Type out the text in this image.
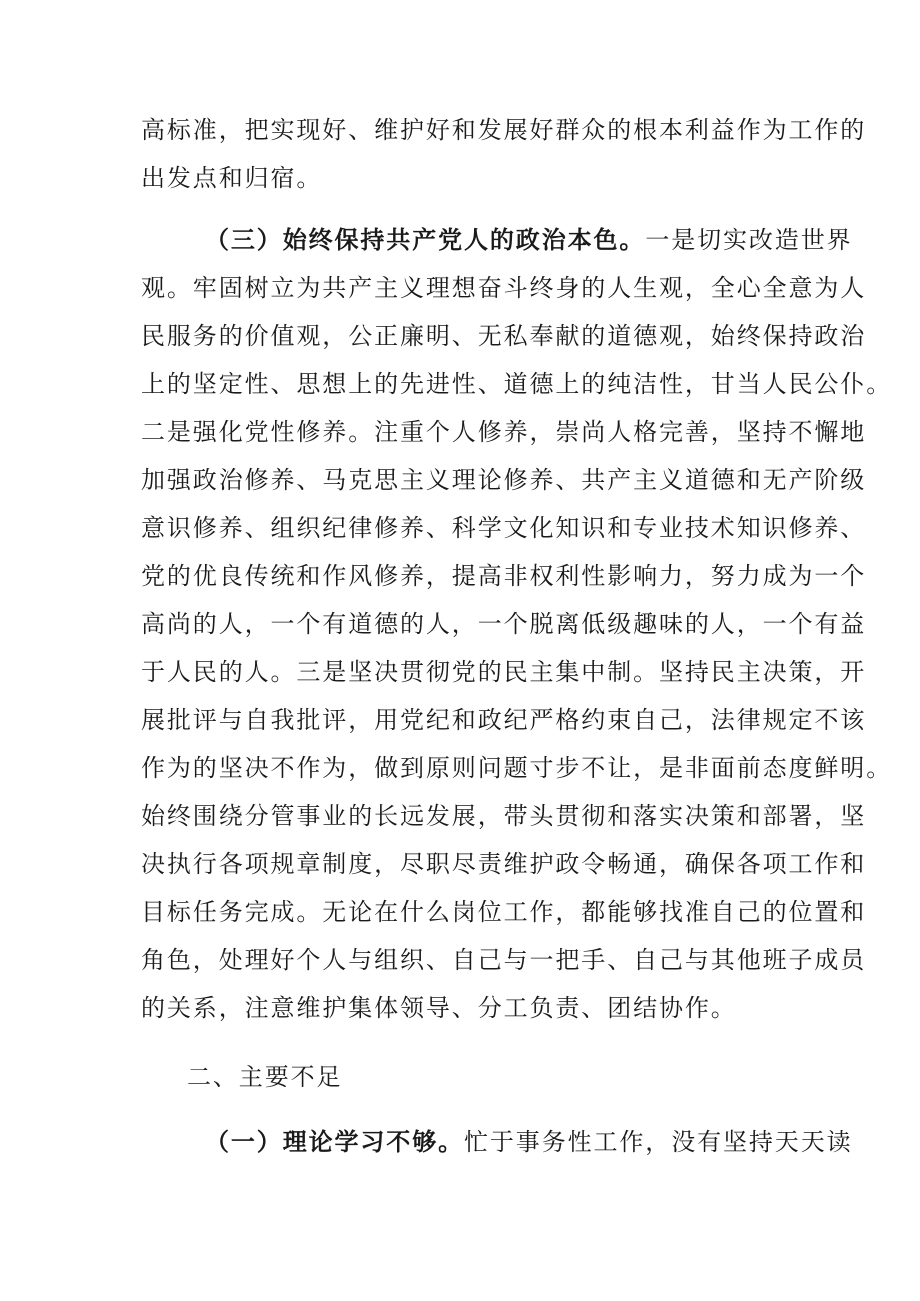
高标准，把实现好、维护好和发展好群众的根本利益作为工作的
出发点和归宿。
（三）始终保持共产党人的政治本色。一是切实改造世界
观。牢固树立为共产主义理想奋斗终身的人生观，全心全意为人
民服务的价值观，公正廉明、无私奉献的道德观，始终保持政治
上的坚定性、思想上的先进性、道德上的纯洁性，甘当人民公仆。
二是强化党性修养。注重个人修养，崇尚人格完善，坚持不懈地
加强政治修养、马克思主义理论修养、共产主义道德和无产阶级
意识修养、组织纪律修养、科学文化知识和专业技术知识修养、
党的优良传统和作风修养，提高非权利性影响力，努力成为一个
高尚的人，一个有道德的人，一个脱离低级趣味的人，一个有益
于人民的人。三是坚决贯彻党的民主集中制。坚持民主决策，开
展批评与自我批评，用党纪和政纪严格约束自己，法律规定不该
作为的坚决不作为，做到原则问题寸步不让，是非面前态度鲜明。
始终围绕分管事业的长远发展，带头贯彻和落实决策和部署，坚
决执行各项规章制度，尽职尽责维护政令畅通，确保各项工作和
目标任务完成。无论在什么岗位工作，都能够找准自己的位置和
角色，处理好个人与组织、自己与一把手、自己与其他班子成员
的关系，注意维护集体领导、分工负责、团结协作。
二、主要不足
（一）理论学习不够。忙于事务性工作，没有坚持天天读
